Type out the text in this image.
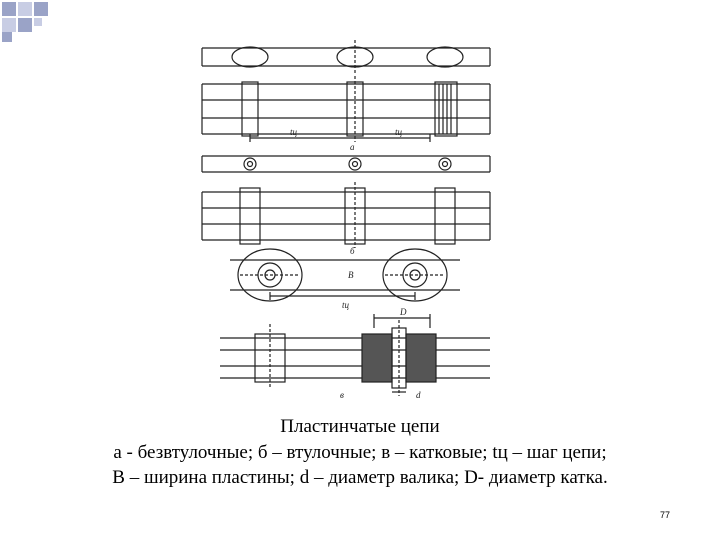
tц	tц
а
б
tц
B
D
d
в
Пластинчатые цепи
а - безвтулочные; б – втулочные; в – катковые; tц – шаг цепи;
B – ширина пластины; d – диаметр валика; D- диаметр катка.
77
